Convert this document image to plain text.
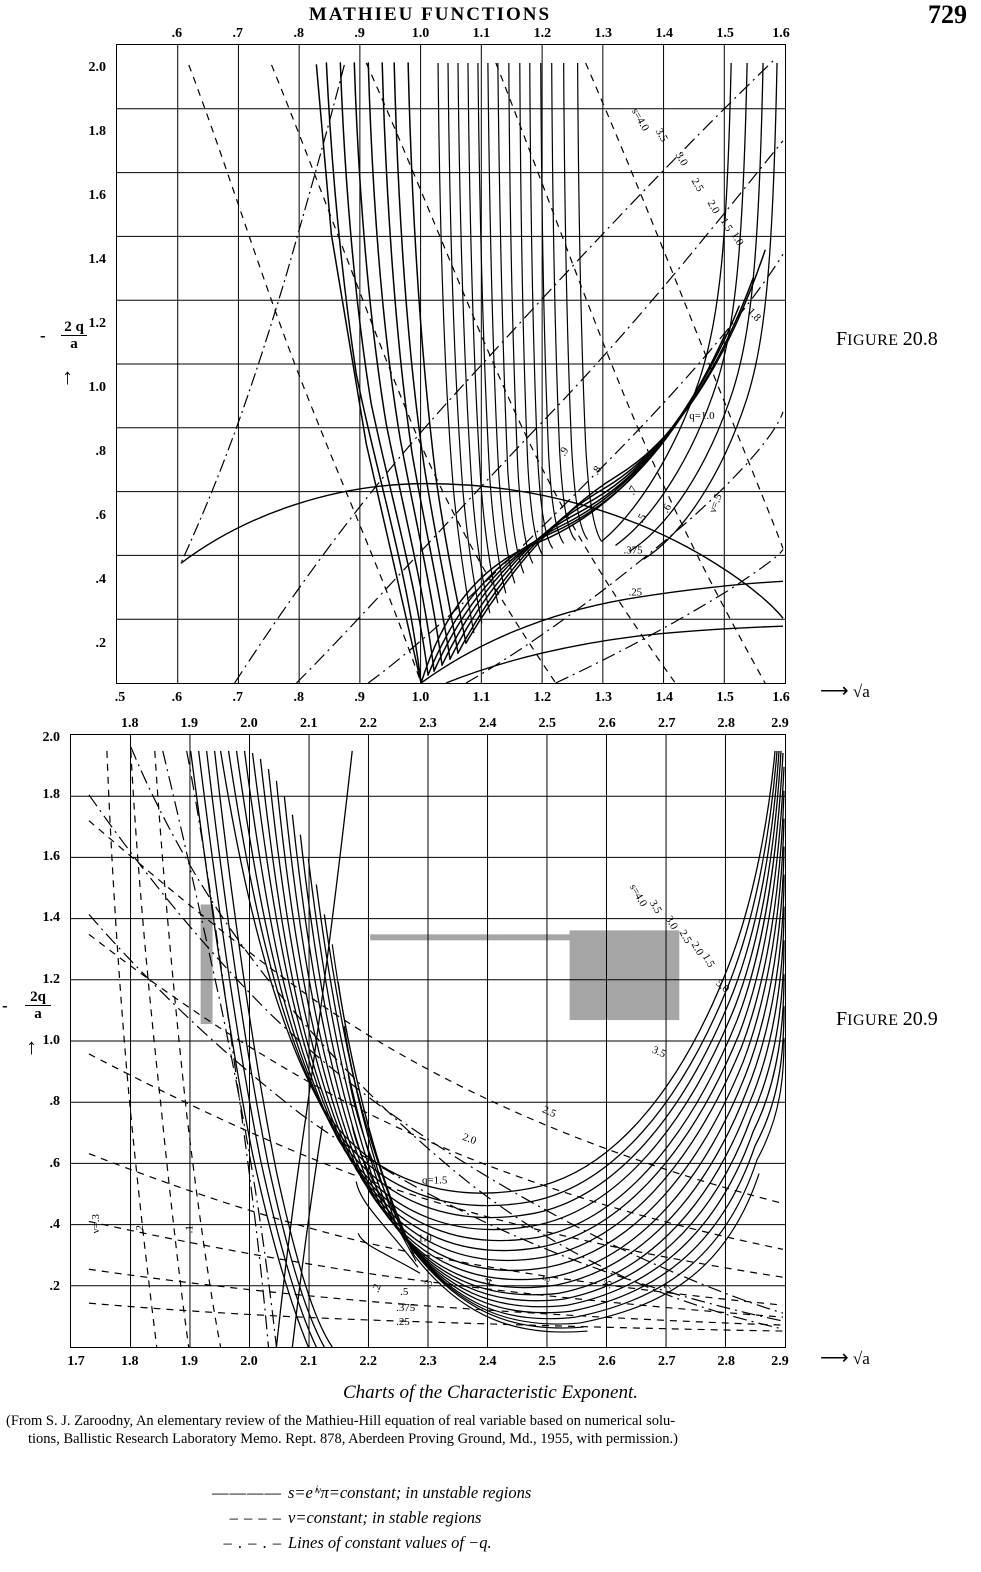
MATHIEU FUNCTIONS	729
s=4.0
3.5
3.0
2.5
2.0
1.5
1.0
1.8
q=1.0
.9
.8
.7
.6
.5
ν=.5
.375
.25
.6	.7	.8	.9	1.0	1.1	1.2	1.3	1.4	1.5	1.6
.5	.6	.7	.8	.9	1.0	1.1	1.2	1.3	1.4	1.5	1.6
2.0
1.8
1.6
1.4
1.2
1.0
.8
.6
.4
.2
- $\frac{2 q}{a}$
↑
⟶ √a
FIGURE 20.8
s=4.0
3.5
3.0
2.5
2.0
1.5
5.0
3.5
2.5
2.0
q=1.5
1.0
.5
.375
.25
ν=.3	.2	.1
.2	.3	.4	.5	.6	.7
1.8	1.9	2.0	2.1	2.2	2.3	2.4	2.5	2.6	2.7	2.8	2.9
1.7	1.8	1.9	2.0	2.1	2.2	2.3	2.4	2.5	2.6	2.7	2.8	2.9
2.0
1.8
1.6
1.4
1.2
1.0
.8
.6
.4
.2
- $\frac{2q}{a}$
↑
⟶ √a
FIGURE 20.9
Charts of the Characteristic Exponent.
(From S. J. Zaroodny, An elementary review of the Mathieu-Hill equation of real variable based on numerical solu-
tions, Ballistic Research Laboratory Memo. Rept. 878, Aberdeen Proving Ground, Md., 1955, with permission.)
———— s=eⁱᵛπ=constant; in unstable regions
– – – – ν=constant; in stable regions
– . – . – Lines of constant values of −q.
